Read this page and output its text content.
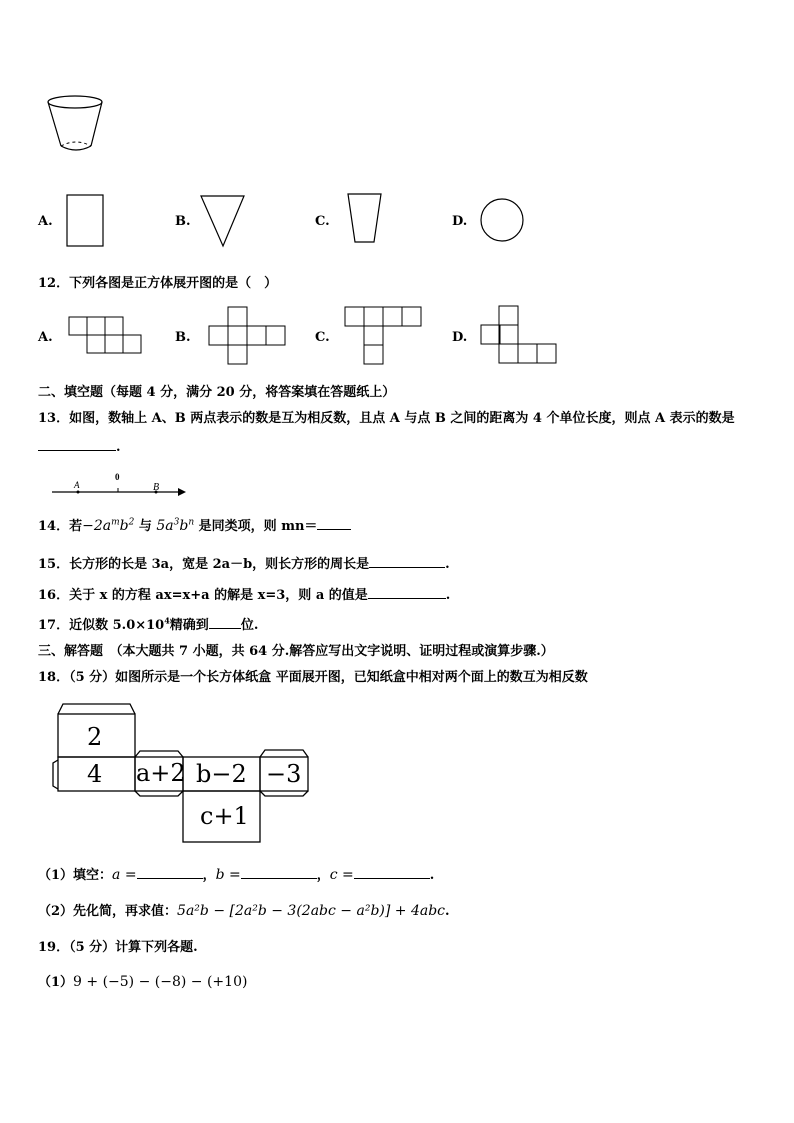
A.	B.	C.	D.
12．下列各图是正方体展开图的是（　）
A.	B.	C.	D.
二、填空题（每题 4 分，满分 20 分，将答案填在答题纸上）
13．如图，数轴上 A、B 两点表示的数是互为相反数，且点 A 与点 B 之间的距离为 4 个单位长度，则点 A 表示的数是
.
A
0
B
14．若$-2a^mb^2$ 与 $5a^3b^n$ 是同类项，则 mn＝
15．长方形的长是 3a，宽是 2a－b，则长方形的周长是	.
16．关于 x 的方程 ax=x+a 的解是 x=3，则 a 的值是	.
17．近似数 $5.0\times 10^4$精确到 位.
三、解答题　（本大题共 7 小题，共 64 分.解答应写出文字说明、证明过程或演算步骤.）
18．（5 分）如图所示是一个长方体纸盒 平面展开图，已知纸盒中相对两个面上的数互为相反数
2
4 a+2 b−2 −3
c+1
（1）填空：a =	，b =	，c =	.
（2）先化简，再求值：5a²b − [2a²b − 3(2abc − a²b)] + 4abc.
19．（5 分）计算下列各题.
（1）9 + (−5) − (−8) − (+10)
